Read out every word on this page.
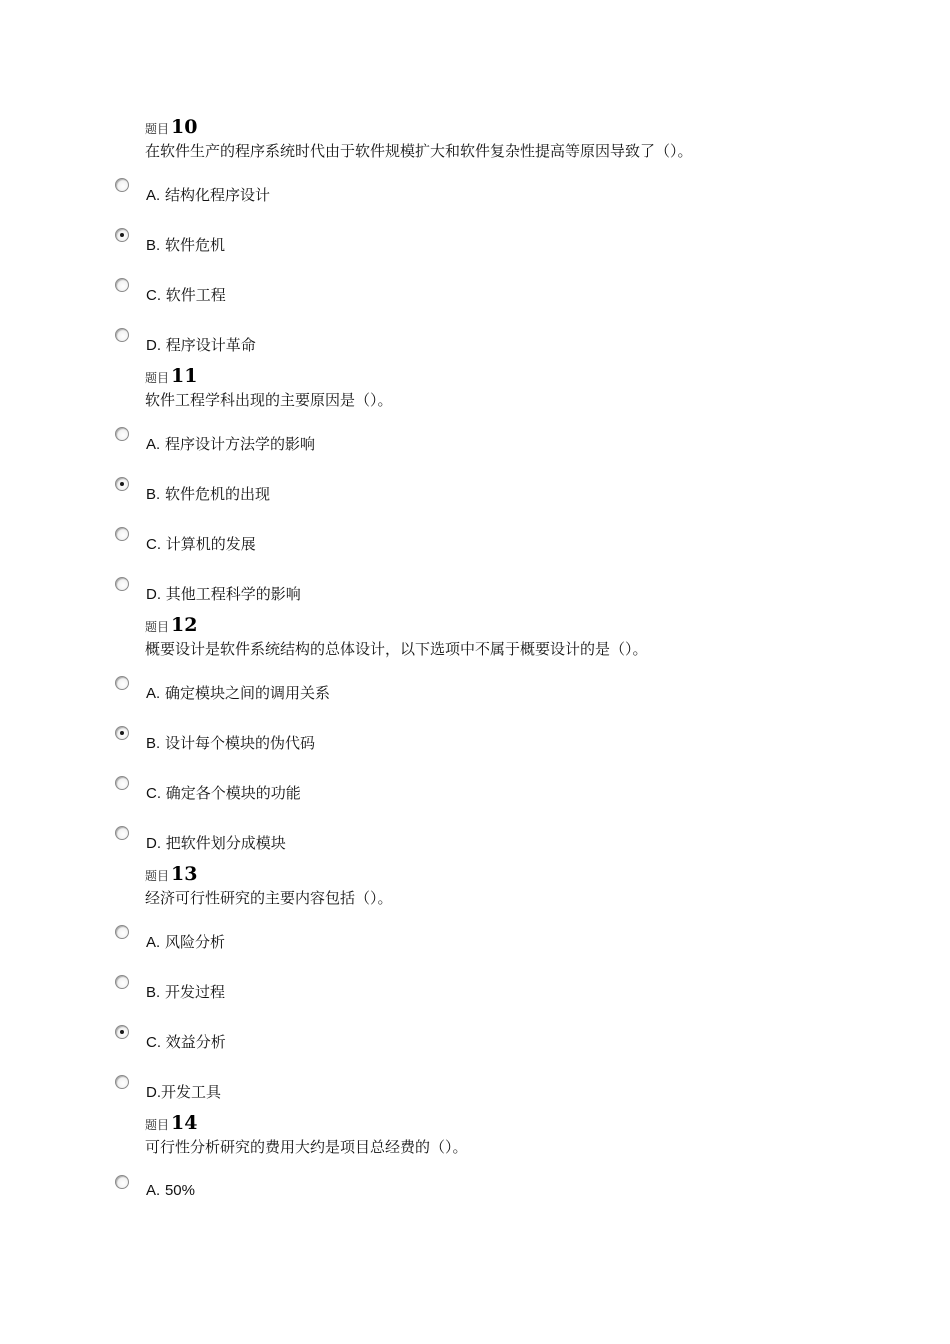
题目 10
在软件生产的程序系统时代由于软件规模扩大和软件复杂性提高等原因导致了（）。
A. 结构化程序设计
B. 软件危机
C. 软件工程
D. 程序设计革命
题目 11
软件工程学科出现的主要原因是（）。
A. 程序设计方法学的影响
B. 软件危机的出现
C. 计算机的发展
D. 其他工程科学的影响
题目 12
概要设计是软件系统结构的总体设计，以下选项中不属于概要设计的是（）。
A. 确定模块之间的调用关系
B. 设计每个模块的伪代码
C. 确定各个模块的功能
D. 把软件划分成模块
题目 13
经济可行性研究的主要内容包括（）。
A. 风险分析
B. 开发过程
C. 效益分析
D.开发工具
题目 14
可行性分析研究的费用大约是项目总经费的（）。
A. 50%
